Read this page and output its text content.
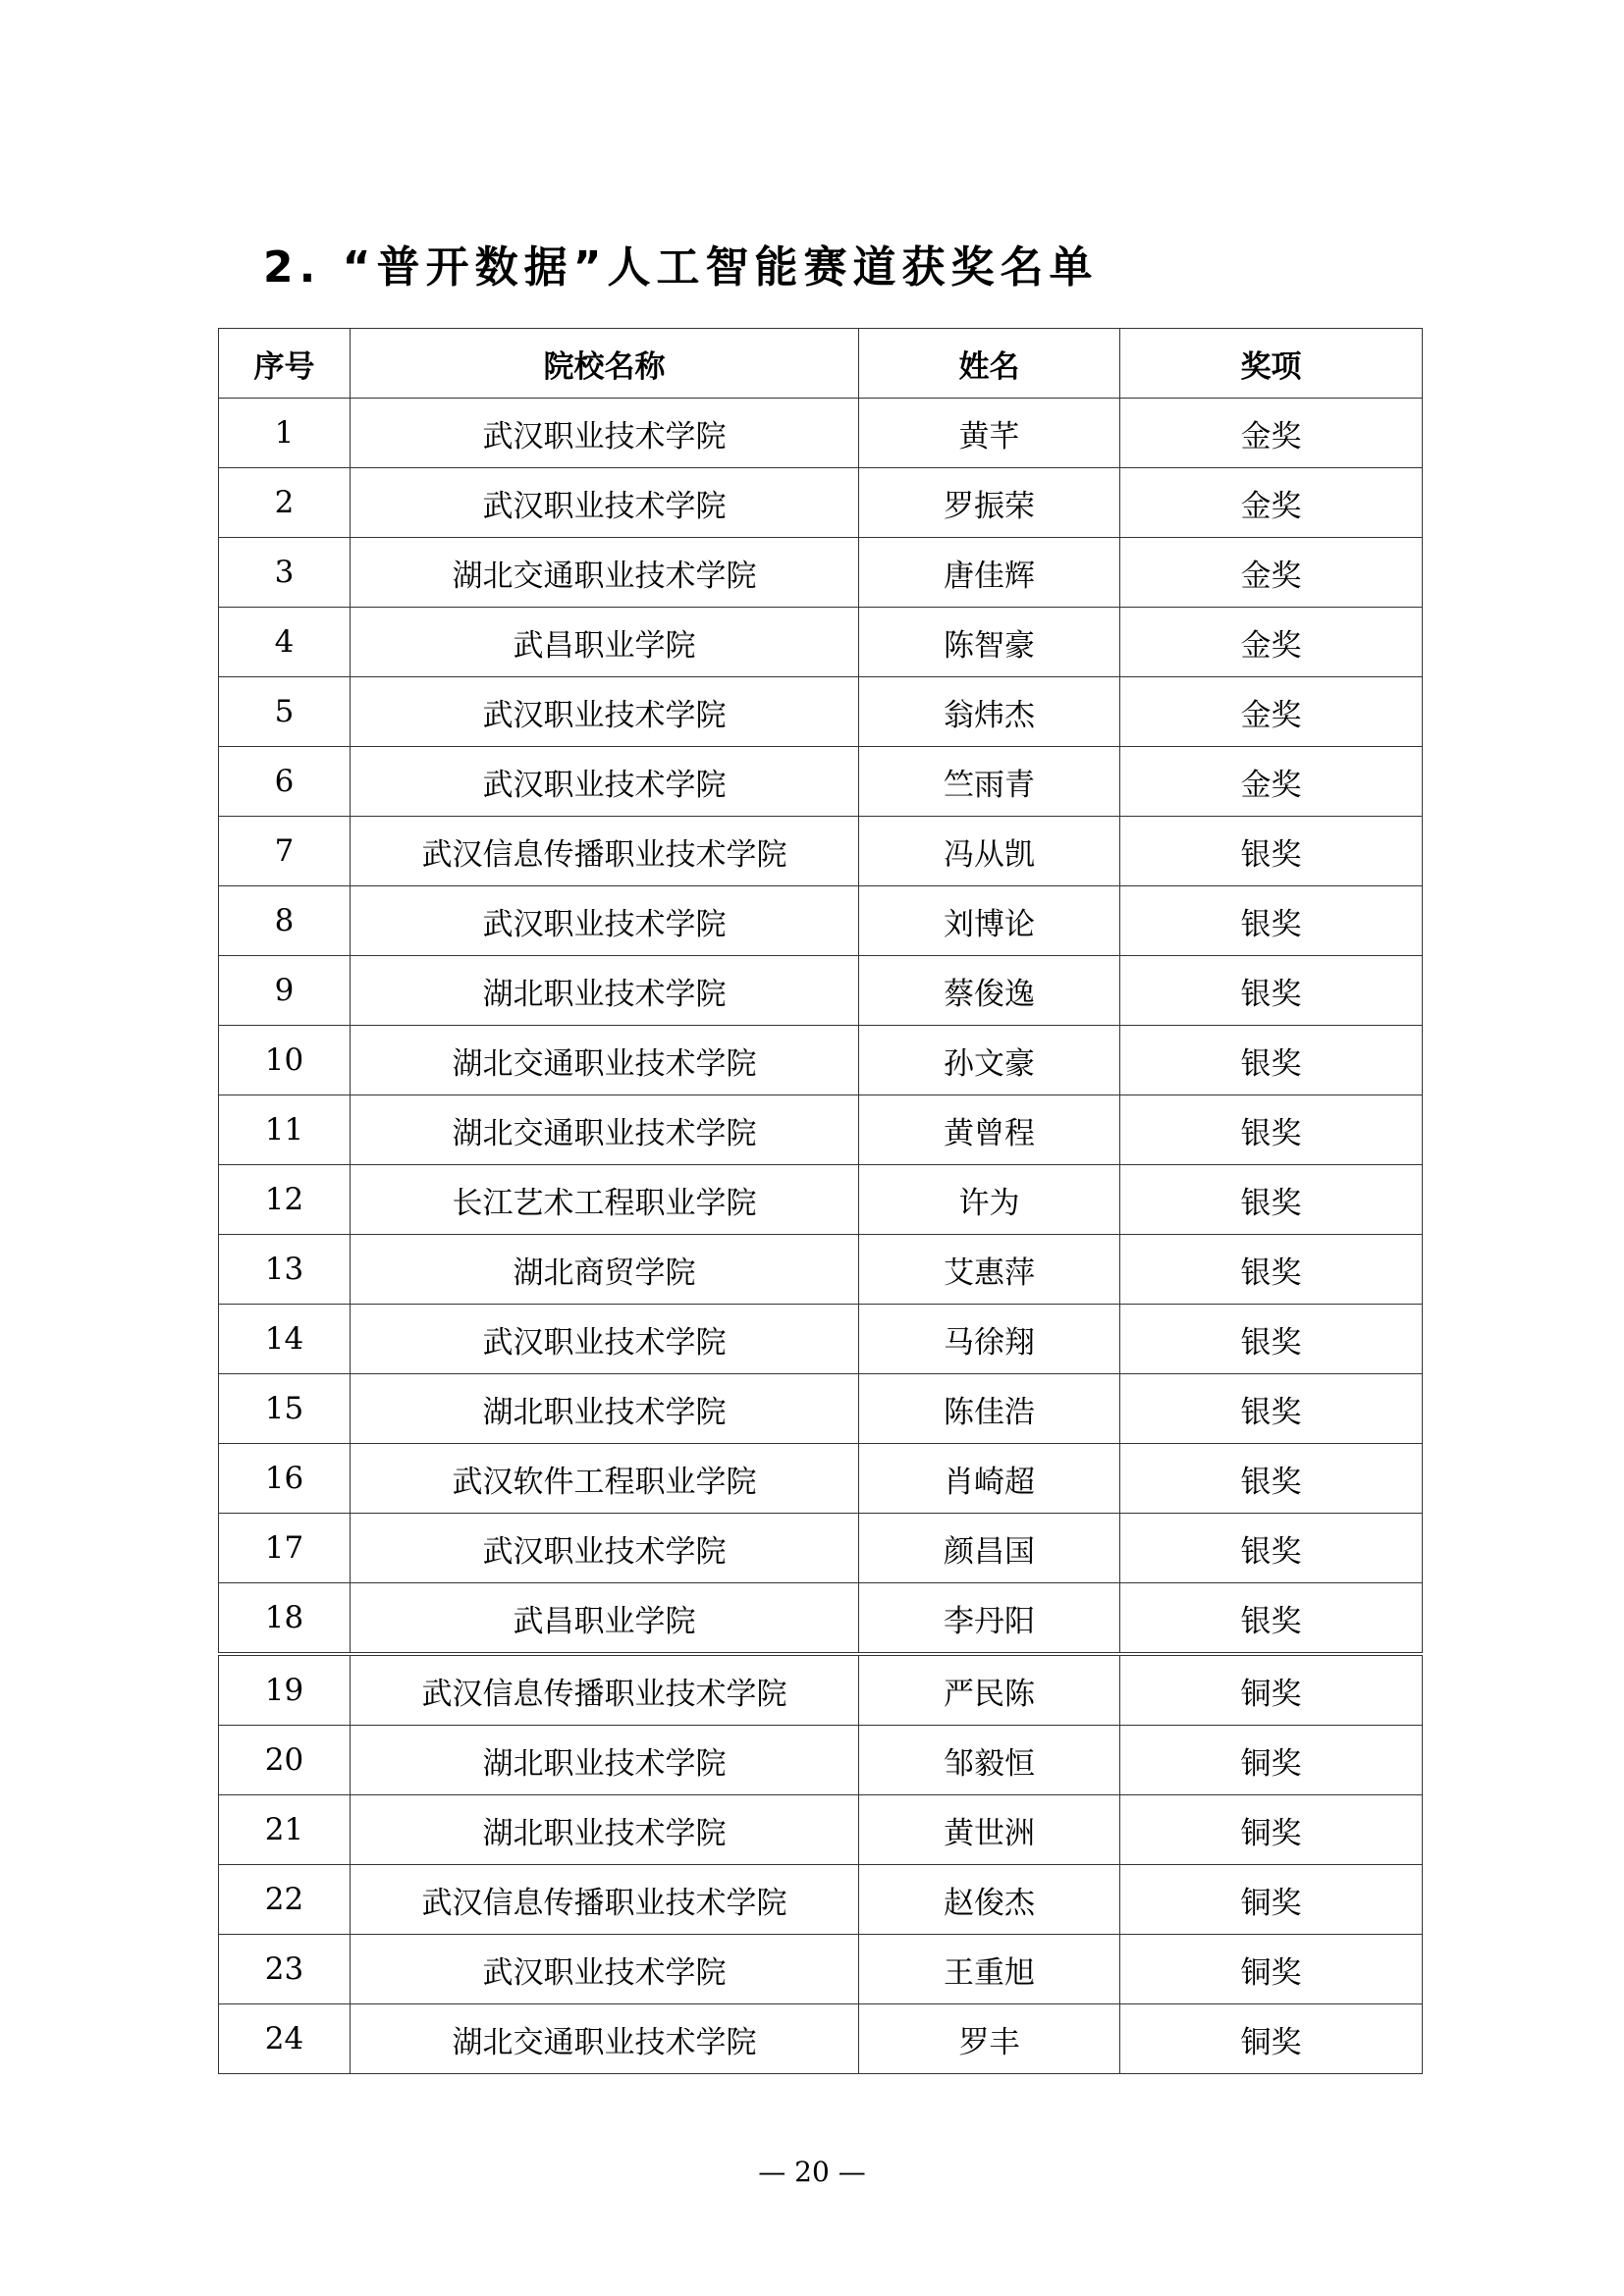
2. “普开数据”人工智能赛道获奖名单
序号	院校名称	姓名	奖项
1	武汉职业技术学院	黄芊	金奖
2	武汉职业技术学院	罗振荣	金奖
3	湖北交通职业技术学院	唐佳辉	金奖
4	武昌职业学院	陈智豪	金奖
5	武汉职业技术学院	翁炜杰	金奖
6	武汉职业技术学院	竺雨青	金奖
7	武汉信息传播职业技术学院	冯从凯	银奖
8	武汉职业技术学院	刘博论	银奖
9	湖北职业技术学院	蔡俊逸	银奖
10	湖北交通职业技术学院	孙文豪	银奖
11	湖北交通职业技术学院	黄曾程	银奖
12	长江艺术工程职业学院	许为	银奖
13	湖北商贸学院	艾惠萍	银奖
14	武汉职业技术学院	马徐翔	银奖
15	湖北职业技术学院	陈佳浩	银奖
16	武汉软件工程职业学院	肖崎超	银奖
17	武汉职业技术学院	颜昌国	银奖
18	武昌职业学院	李丹阳	银奖
19	武汉信息传播职业技术学院	严民陈	铜奖
20	湖北职业技术学院	邹毅恒	铜奖
21	湖北职业技术学院	黄世洲	铜奖
22	武汉信息传播职业技术学院	赵俊杰	铜奖
23	武汉职业技术学院	王重旭	铜奖
24	湖北交通职业技术学院	罗丰	铜奖
— 20 —
